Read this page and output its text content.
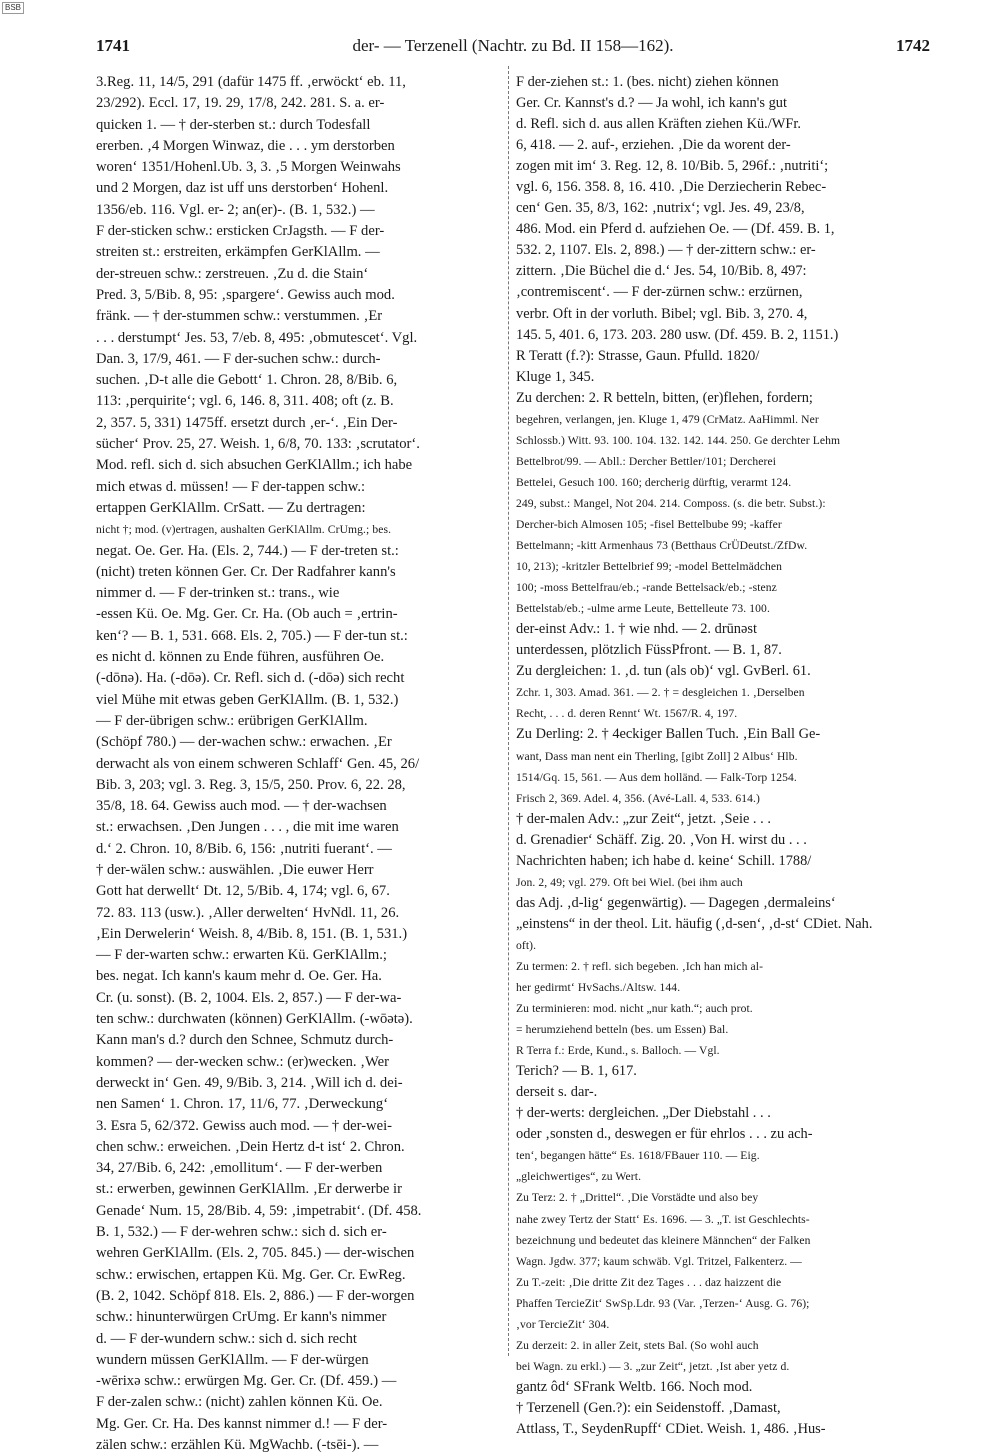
BSB
1741	der- — Terzenell (Nachtr. zu Bd. II 158—162).	1742
3.Reg. 11, 14/5, 291 (dafür 1475 ff. ‚erwöckt‘ eb. 11,
23/292). Eccl. 17, 19. 29, 17/8, 242. 281. S. a. er-
quicken 1. — † der-sterben st.: durch Todesfall
ererben. ‚4 Morgen Winwaz, die . . . ym derstorben
woren‘ 1351/Hohenl.Ub. 3, 3. ‚5 Morgen Weinwahs
und 2 Morgen, daz ist uff uns derstorben‘ Hohenl.
1356/eb. 116. Vgl. er- 2; an(er)-. (B. 1, 532.) —
F der-sticken schw.: ersticken CrJagsth. — F der-
streiten st.: erstreiten, erkämpfen GerKlAllm. —
der-streuen schw.: zerstreuen. ‚Zu d. die Stain‘
Pred. 3, 5/Bib. 8, 95: ‚spargere‘. Gewiss auch mod.
fränk. — † der-stummen schw.: verstummen. ‚Er
. . . derstumpt‘ Jes. 53, 7/eb. 8, 495: ‚obmutescet‘. Vgl.
Dan. 3, 17/9, 461. — F der-suchen schw.: durch-
suchen. ‚D-t alle die Gebott‘ 1. Chron. 28, 8/Bib. 6,
113: ‚perquirite‘; vgl. 6, 146. 8, 311. 408; oft (z. B.
2, 357. 5, 331) 1475ff. ersetzt durch ‚er-‘. ‚Ein Der-
sücher‘ Prov. 25, 27. Weish. 1, 6/8, 70. 133: ‚scrutator‘.
Mod. refl. sich d. sich absuchen GerKlAllm.; ich habe
mich etwas d. müssen! — F der-tappen schw.:
ertappen GerKlAllm. CrSatt. — Zu dertragen:
nicht †; mod. (v)ertragen, aushalten GerKlAllm. CrUmg.; bes.
negat. Oe. Ger. Ha. (Els. 2, 744.) — F der-treten st.:
(nicht) treten können Ger. Cr. Der Radfahrer kann's
nimmer d. — F der-trinken st.: trans., wie
-essen Kü. Oe. Mg. Ger. Cr. Ha. (Ob auch = ‚ertrin-
ken‘? — B. 1, 531. 668. Els. 2, 705.) — F der-tun st.:
es nicht d. können zu Ende führen, ausführen Oe.
(-dōnə). Ha. (-dōə). Cr. Refl. sich d. (-dōə) sich recht
viel Mühe mit etwas geben GerKlAllm. (B. 1, 532.)
— F der-übrigen schw.: erübrigen GerKlAllm.
(Schöpf 780.) — der-wachen schw.: erwachen. ‚Er
derwacht als von einem schweren Schlaff‘ Gen. 45, 26/
Bib. 3, 203; vgl. 3. Reg. 3, 15/5, 250. Prov. 6, 22. 28,
35/8, 18. 64. Gewiss auch mod. — † der-wachsen
st.: erwachsen. ‚Den Jungen . . . , die mit ime waren
d.‘ 2. Chron. 10, 8/Bib. 6, 156: ‚nutriti fuerant‘. —
† der-wälen schw.: auswählen. ‚Die euwer Herr
Gott hat derwellt‘ Dt. 12, 5/Bib. 4, 174; vgl. 6, 67.
72. 83. 113 (usw.). ‚Aller derwelten‘ HvNdl. 11, 26.
‚Ein Derwelerin‘ Weish. 8, 4/Bib. 8, 151. (B. 1, 531.)
— F der-warten schw.: erwarten Kü. GerKlAllm.;
bes. negat. Ich kann's kaum mehr d. Oe. Ger. Ha.
Cr. (u. sonst). (B. 2, 1004. Els. 2, 857.) — F der-wa-
ten schw.: durchwaten (können) GerKlAllm. (-wōətə).
Kann man's d.? durch den Schnee, Schmutz durch-
kommen? — der-wecken schw.: (er)wecken. ‚Wer
derweckt in‘ Gen. 49, 9/Bib. 3, 214. ‚Will ich d. dei-
nen Samen‘ 1. Chron. 17, 11/6, 77. ‚Derweckung‘
3. Esra 5, 62/372. Gewiss auch mod. — † der-wei-
chen schw.: erweichen. ‚Dein Hertz d-t ist‘ 2. Chron.
34, 27/Bib. 6, 242: ‚emollitum‘. — F der-werben
st.: erwerben, gewinnen GerKlAllm. ‚Er derwerbe ir
Genade‘ Num. 15, 28/Bib. 4, 59: ‚impetrabit‘. (Df. 458.
B. 1, 532.) — F der-wehren schw.: sich d. sich er-
wehren GerKlAllm. (Els. 2, 705. 845.) — der-wischen
schw.: erwischen, ertappen Kü. Mg. Ger. Cr. EwReg.
(B. 2, 1042. Schöpf 818. Els. 2, 886.) — F der-worgen
schw.: hinunterwürgen CrUmg. Er kann's nimmer
d. — F der-wundern schw.: sich d. sich recht
wundern müssen GerKlAllm. — F der-würgen
-wērixə schw.: erwürgen Mg. Ger. Cr. (Df. 459.) —
F der-zalen schw.: (nicht) zahlen können Kü. Oe.
Mg. Ger. Cr. Ha. Des kannst nimmer d.! — F der-
zälen schw.: erzählen Kü. MgWachb. (-tsēi-). —
F der-ziehen st.: 1. (bes. nicht) ziehen können
Ger. Cr. Kannst's d.? — Ja wohl, ich kann's gut
d. Refl. sich d. aus allen Kräften ziehen Kü./WFr.
6, 418. — 2. auf-, erziehen. ‚Die da worent der-
zogen mit im‘ 3. Reg. 12, 8. 10/Bib. 5, 296f.: ‚nutriti‘;
vgl. 6, 156. 358. 8, 16. 410. ‚Die Derziecherin Rebec-
cen‘ Gen. 35, 8/3, 162: ‚nutrix‘; vgl. Jes. 49, 23/8,
486. Mod. ein Pferd d. aufziehen Oe. — (Df. 459. B. 1,
532. 2, 1107. Els. 2, 898.) — † der-zittern schw.: er-
zittern. ‚Die Büchel die d.‘ Jes. 54, 10/Bib. 8, 497:
‚contremiscent‘. — F der-zürnen schw.: erzürnen,
verbr. Oft in der vorluth. Bibel; vgl. Bib. 3, 270. 4,
145. 5, 401. 6, 173. 203. 280 usw. (Df. 459. B. 2, 1151.)
R Teratt (f.?): Strasse, Gaun. Pfulld. 1820/
Kluge 1, 345.
Zu derchen: 2. R betteln, bitten, (er)flehen, fordern;
begehren, verlangen, jen. Kluge 1, 479 (CrMatz. AaHimml. Ner
Schlossb.) Witt. 93. 100. 104. 132. 142. 144. 250. Ge derchter Lehm
Bettelbrot/99. — Abll.: Dercher Bettler/101; Dercherei
Bettelei, Gesuch 100. 160; dercherig dürftig, verarmt 124.
249, subst.: Mangel, Not 204. 214. Composs. (s. die betr. Subst.):
Dercher-bich Almosen 105; -fisel Bettelbube 99; -kaffer
Bettelmann; -kitt Armenhaus 73 (Betthaus CrÜDeutst./ZfDw.
10, 213); -kritzler Bettelbrief 99; -model Bettelmädchen
100; -moss Bettelfrau/eb.; -rande Bettelsack/eb.; -stenz
Bettelstab/eb.; -ulme arme Leute, Bettelleute 73. 100.
der-einst Adv.: 1. † wie nhd. — 2. drūnəst
unterdessen, plötzlich FüssPfront. — B. 1, 87.
Zu dergleichen: 1. ‚d. tun (als ob)‘ vgl. GvBerl. 61.
Zchr. 1, 303. Amad. 361. — 2. † = desgleichen 1. ‚Derselben
Recht, . . . d. deren Rennt‘ Wt. 1567/R. 4, 197.
Zu Derling: 2. † 4eckiger Ballen Tuch. ‚Ein Ball Ge-
want, Dass man nent ein Therling, [gibt Zoll] 2 Albus‘ Hlb.
1514/Gq. 15, 561. — Aus dem holländ. — Falk-Torp 1254.
Frisch 2, 369. Adel. 4, 356. (Avé-Lall. 4, 533. 614.)
† der-malen Adv.: „zur Zeit“, jetzt. ‚Seie . . .
d. Grenadier‘ Schäff. Zig. 20. ‚Von H. wirst du . . .
Nachrichten haben; ich habe d. keine‘ Schill. 1788/
Jon. 2, 49; vgl. 279. Oft bei Wiel. (bei ihm auch
das Adj. ‚d-lig‘ gegenwärtig). — Dagegen ‚dermaleins‘
„einstens“ in der theol. Lit. häufig (‚d-sen‘, ‚d-st‘ CDiet. Nah.
oft).
Zu termen: 2. † refl. sich begeben. ‚Ich han mich al-
her gedirmt‘ HvSachs./Altsw. 144.
Zu terminieren: mod. nicht „nur kath.“; auch prot.
= herumziehend betteln (bes. um Essen) Bal.
R Terra f.: Erde, Kund., s. Balloch. — Vgl.
Terich? — B. 1, 617.
derseit s. dar-.
† der-werts: dergleichen. „Der Diebstahl . . .
oder ‚sonsten d., deswegen er für ehrlos . . . zu ach-
ten‘, begangen hätte“ Es. 1618/FBauer 110. — Eig.
„gleichwertiges“, zu Wert.
Zu Terz: 2. † „Drittel“. ‚Die Vorstädte und also bey
nahe zwey Tertz der Statt‘ Es. 1696. — 3. „T. ist Geschlechts-
bezeichnung und bedeutet das kleinere Männchen“ der Falken
Wagn. Jgdw. 377; kaum schwäb. Vgl. Tritzel, Falkenterz. —
Zu T.-zeit: ‚Die dritte Zit dez Tages . . . daz haizzent die
Phaffen TercieZit‘ SwSp.Ldr. 93 (Var. ‚Terzen-‘ Ausg. G. 76);
‚vor TercieZit‘ 304.
Zu derzeit: 2. in aller Zeit, stets Bal. (So wohl auch
bei Wagn. zu erkl.) — 3. „zur Zeit“, jetzt. ‚Ist aber yetz d.
gantz ôd‘ SFrank Weltb. 166. Noch mod.
† Terzenell (Gen.?): ein Seidenstoff. ‚Damast,
Attlass, T., SeydenRupff‘ CDiet. Weish. 1, 486. ‚Hus-
